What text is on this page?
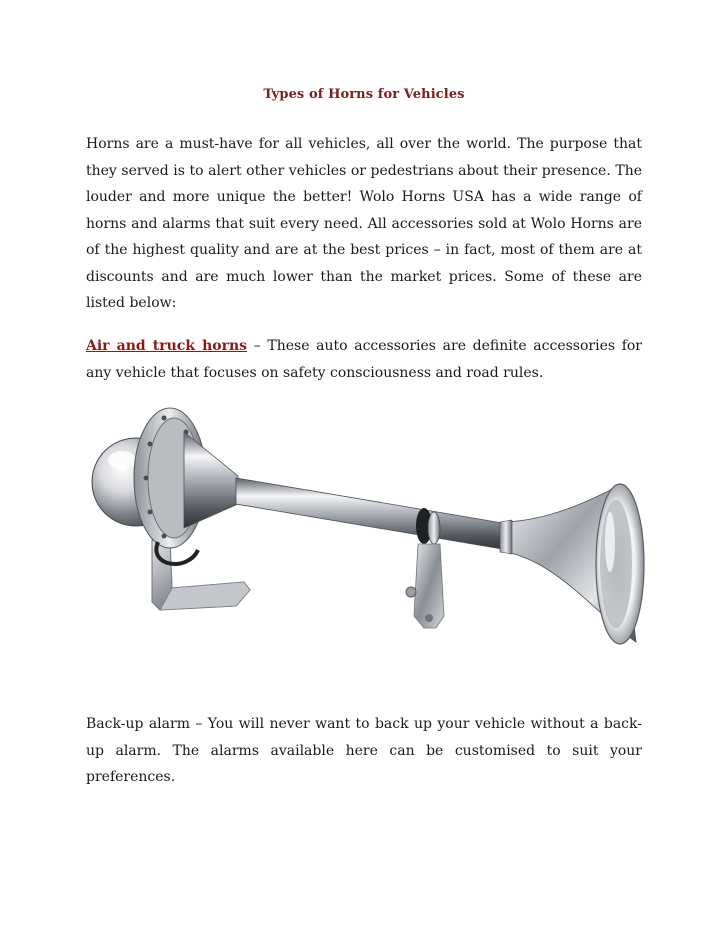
Types of Horns for Vehicles
Horns are a must-have for all vehicles, all over the world. The purpose that they served is to alert other vehicles or pedestrians about their presence. The louder and more unique the better! Wolo Horns USA has a wide range of horns and alarms that suit every need. All accessories sold at Wolo Horns are of the highest quality and are at the best prices – in fact, most of them are at discounts and are much lower than the market prices. Some of these are listed below:
Air and truck horns – These auto accessories are definite accessories for any vehicle that focuses on safety consciousness and road rules.
Back-up alarm – You will never want to back up your vehicle without a back-up alarm. The alarms available here can be customised to suit your preferences.
